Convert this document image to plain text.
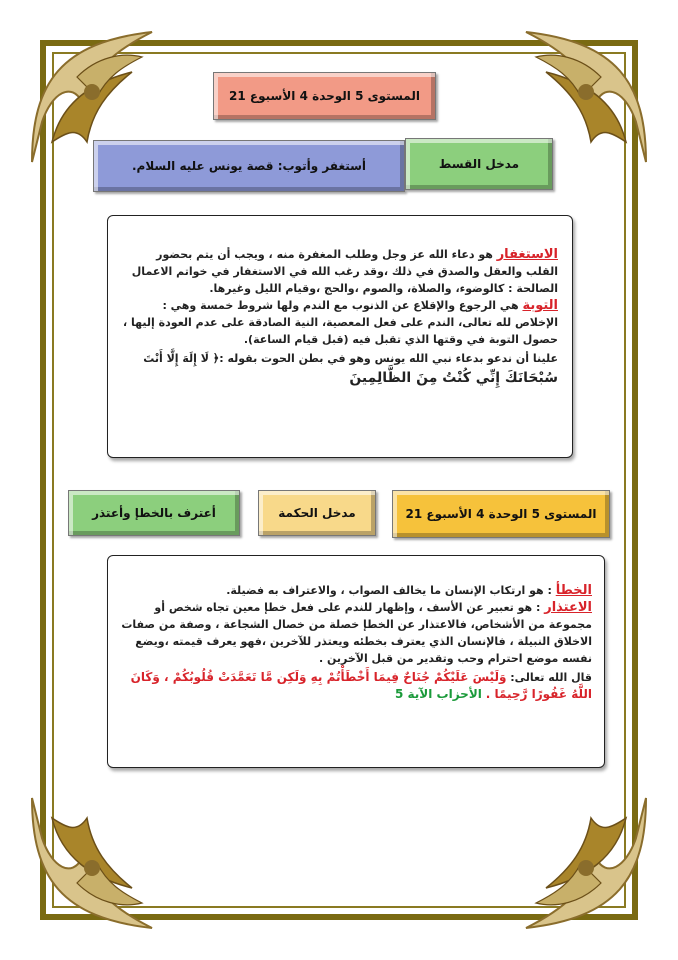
المستوى 5 الوحدة 4 الأسبوع 21
أستغفر وأتوب: قصة يونس عليه السلام.	مدخل القسط

الاستغفار هو دعاء الله عز وجل وطلب المغفرة منه ، ويجب أن يتم بحضور القلب والعقل والصدق في ذلك ،وقد رغب الله في الاستغفار في خواتم الاعمال الصالحة : كالوضوء، والصلاة، والصوم ،والحج ،وقيام الليل وغيرها.

التوبة هي الرجوع والإقلاع عن الذنوب مع الندم ولها شروط خمسة وهي : الإخلاص لله تعالى، الندم على فعل المعصية، النية الصادقة على عدم العودة إليها ، حصول التوبة في وقتها الذي تقبل فيه (قبل قيام الساعة).

علينا أن ندعو بدعاء نبي الله يونس وهو في بطن الحوت بقوله :﴿ لَا إِلَهَ إِلَّا أَنْتَ

سُبْحَانَكَ إِنِّي كُنْتُ مِنَ الظَّالِمِينَ

المستوى 5 الوحدة 4 الأسبوع 21
مدخل الحكمة
أعترف بالخطإ وأعتذر

الخطأ : هو ارتكاب الإنسان ما يخالف الصواب ، والاعتراف به فضيلة.

الاعتذار : هو تعبير عن الأسف ، وإظهار للندم على فعل خطإ معين تجاه شخص أو مجموعة من الأشخاص، فالاعتذار عن الخطإ خصلة من خصال الشجاعة ، وصفة من صفات الاخلاق النبيلة ، فالإنسان الذي يعترف بخطئه ويعتذر للآخرين ،فهو يعرف قيمته ،ويضع نفسه موضع احترام وحب وتقدير من قبل الآخرين .

قال الله تعالى: وَلَيْسَ عَلَيْكُمْ جُنَاحٌ فِيمَا أَخْطَأْتُمْ بِهِ وَلَكِن مَّا تَعَمَّدَتْ قُلُوبُكُمْ ، وَكَانَ اللَّهُ غَفُورًا رَّحِيمًا . الأحزاب الآية 5
